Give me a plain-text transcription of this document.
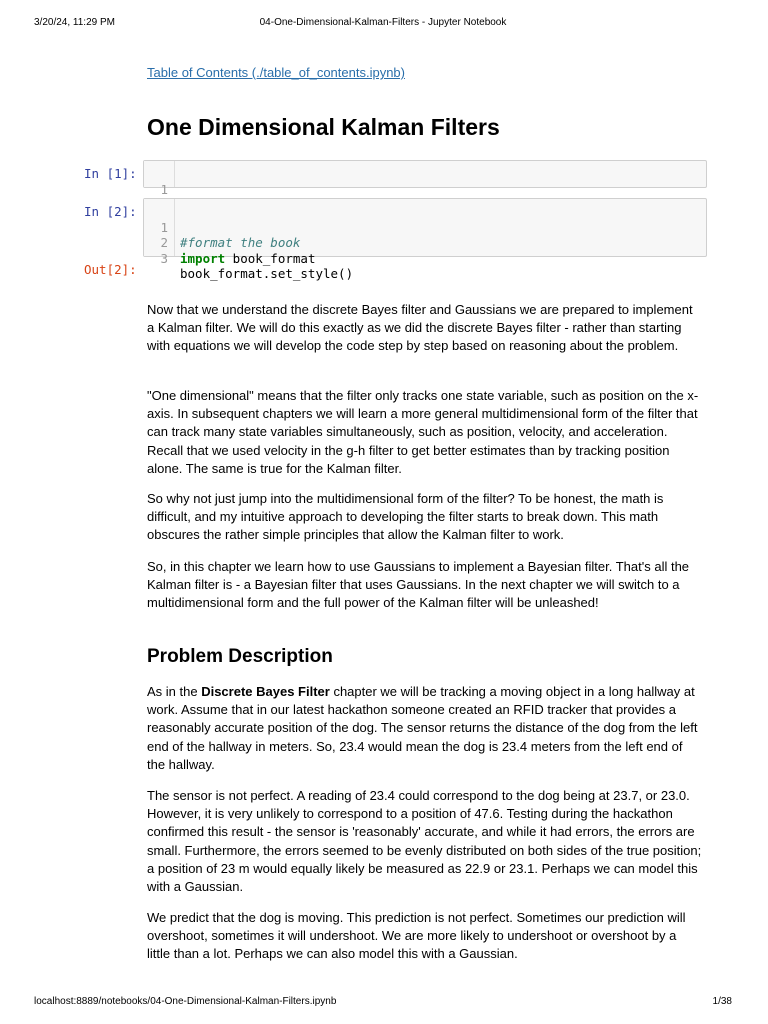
3/20/24, 11:29 PM	04-One-Dimensional-Kalman-Filters - Jupyter Notebook
Table of Contents (./table_of_contents.ipynb)
One Dimensional Kalman Filters
In [1]:

1

In [2]:

1

#format the book

2

import book_format

3

book_format.set_style()

Out[2]:
Now that we understand the discrete Bayes filter and Gaussians we are prepared to implement a Kalman filter. We will do this exactly as we did the discrete Bayes filter - rather than starting with equations we will develop the code step by step based on reasoning about the problem.
"One dimensional" means that the filter only tracks one state variable, such as position on the x-axis. In subsequent chapters we will learn a more general multidimensional form of the filter that can track many state variables simultaneously, such as position, velocity, and acceleration. Recall that we used velocity in the g-h filter to get better estimates than by tracking position alone. The same is true for the Kalman filter.
So why not just jump into the multidimensional form of the filter? To be honest, the math is difficult, and my intuitive approach to developing the filter starts to break down. This math obscures the rather simple principles that allow the Kalman filter to work.
So, in this chapter we learn how to use Gaussians to implement a Bayesian filter. That's all the Kalman filter is - a Bayesian filter that uses Gaussians. In the next chapter we will switch to a multidimensional form and the full power of the Kalman filter will be unleashed!
Problem Description
As in the Discrete Bayes Filter chapter we will be tracking a moving object in a long hallway at work. Assume that in our latest hackathon someone created an RFID tracker that provides a reasonably accurate position of the dog. The sensor returns the distance of the dog from the left end of the hallway in meters. So, 23.4 would mean the dog is 23.4 meters from the left end of the hallway.
The sensor is not perfect. A reading of 23.4 could correspond to the dog being at 23.7, or 23.0. However, it is very unlikely to correspond to a position of 47.6. Testing during the hackathon confirmed this result - the sensor is 'reasonably' accurate, and while it had errors, the errors are small. Furthermore, the errors seemed to be evenly distributed on both sides of the true position; a position of 23 m would equally likely be measured as 22.9 or 23.1. Perhaps we can model this with a Gaussian.
We predict that the dog is moving. This prediction is not perfect. Sometimes our prediction will overshoot, sometimes it will undershoot. We are more likely to undershoot or overshoot by a little than a lot. Perhaps we can also model this with a Gaussian.
localhost:8889/notebooks/04-One-Dimensional-Kalman-Filters.ipynb	1/38
